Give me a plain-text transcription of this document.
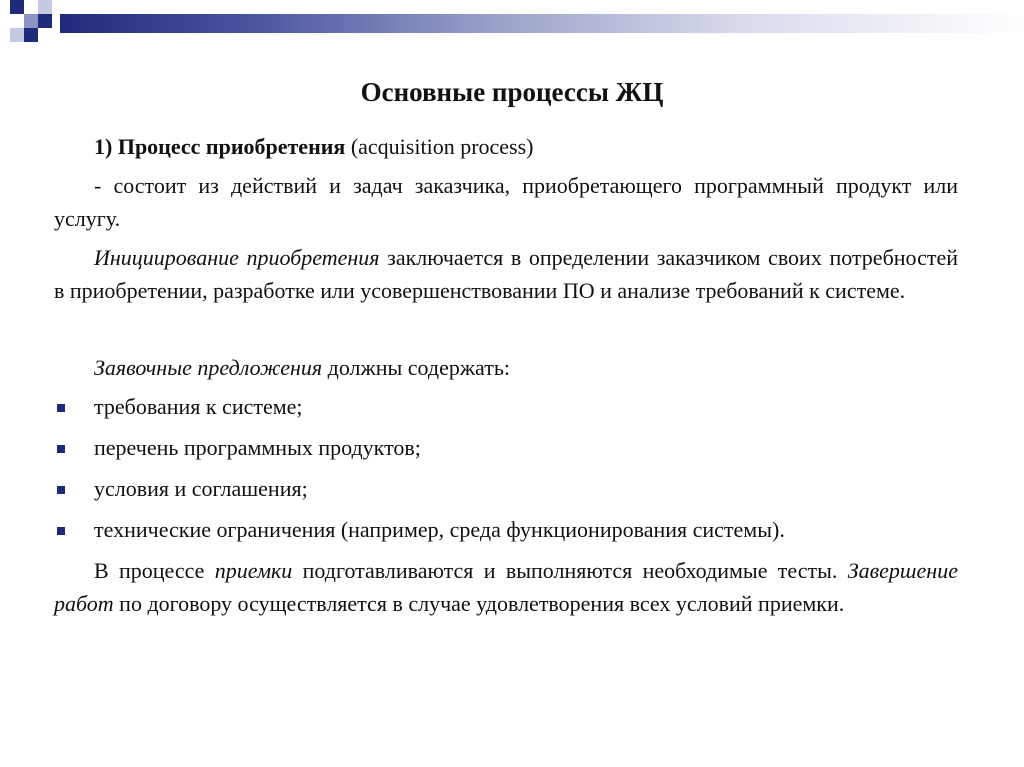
Основные процессы ЖЦ

1) Процесс приобретения (acquisition process)

- состоит из действий и задач заказчика, приобретающего программный продукт или услугу.

Инициирование приобретения заключается в определении заказчиком своих потребностей в приобретении, разработке или усовершенствовании ПО и анализе требований к системе.

Заявочные предложения должны содержать:

требования к системе;
перечень программных продуктов;
условия и соглашения;
технические ограничения (например, среда функционирования системы).

В процессе приемки подготавливаются и выполняются необходимые тесты. Завершение работ по договору осуществляется в случае удовлетворения всех условий приемки.
